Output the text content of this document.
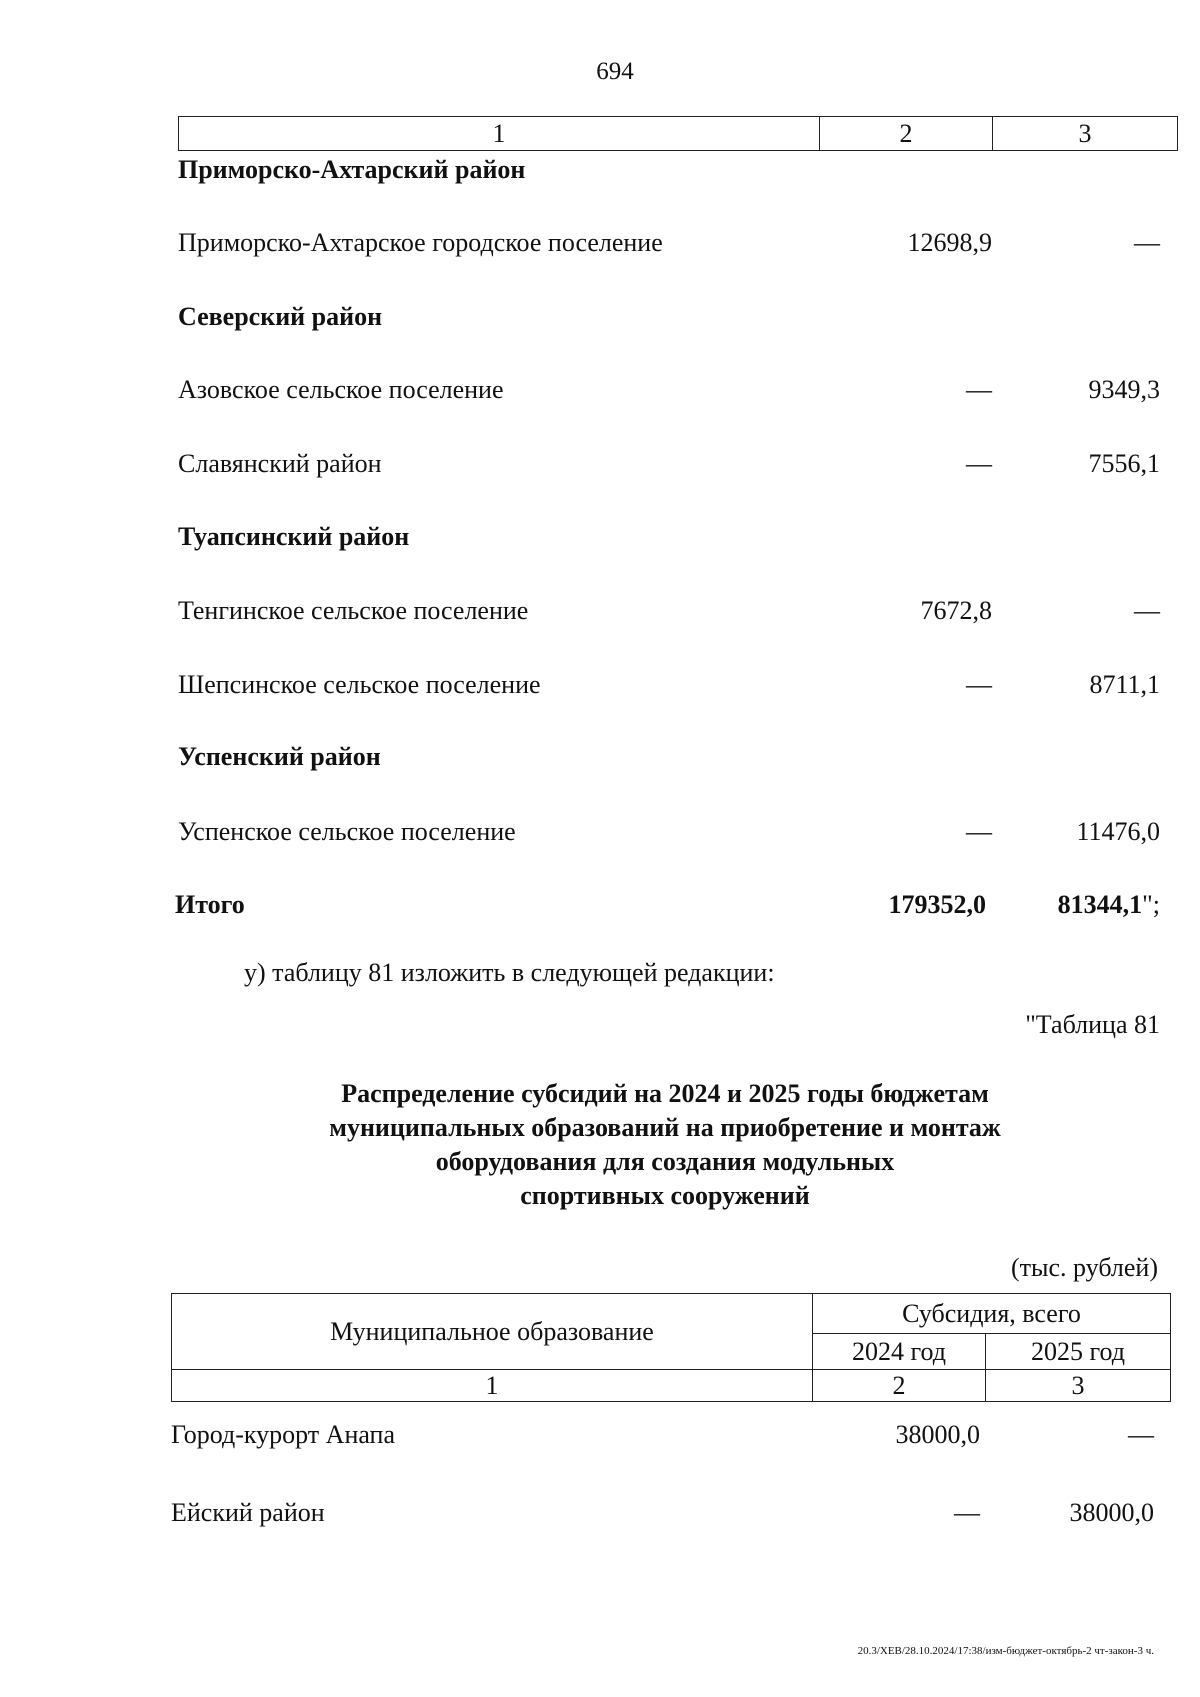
694
1	2	3
Приморско-Ахтарский район
Приморско-Ахтарское городское поселение	12698,9	—
Северский район
Азовское сельское поселение	—	9349,3
Славянский район	—	7556,1
Туапсинский район
Тенгинское сельское поселение	7672,8	—
Шепсинское сельское поселение	—	8711,1
Успенский район
Успенское сельское поселение	—	11476,0
Итого	179352,0	81344,1";
у) таблицу 81 изложить в следующей редакции:
"Таблица 81
Распределение субсидий на 2024 и 2025 годы бюджетам
муниципальных образований на приобретение и монтаж
оборудования для создания модульных
спортивных сооружений
(тыс. рублей)
Муниципальное образование	Субсидия, всего	
	2024 год	2025 год
1	2	3
Город-курорт Анапа	38000,0	—
Ейский район	—	38000,0
20.3/XEB/28.10.2024/17:38/изм-бюджет-октябрь-2 чт-закон-3 ч.
